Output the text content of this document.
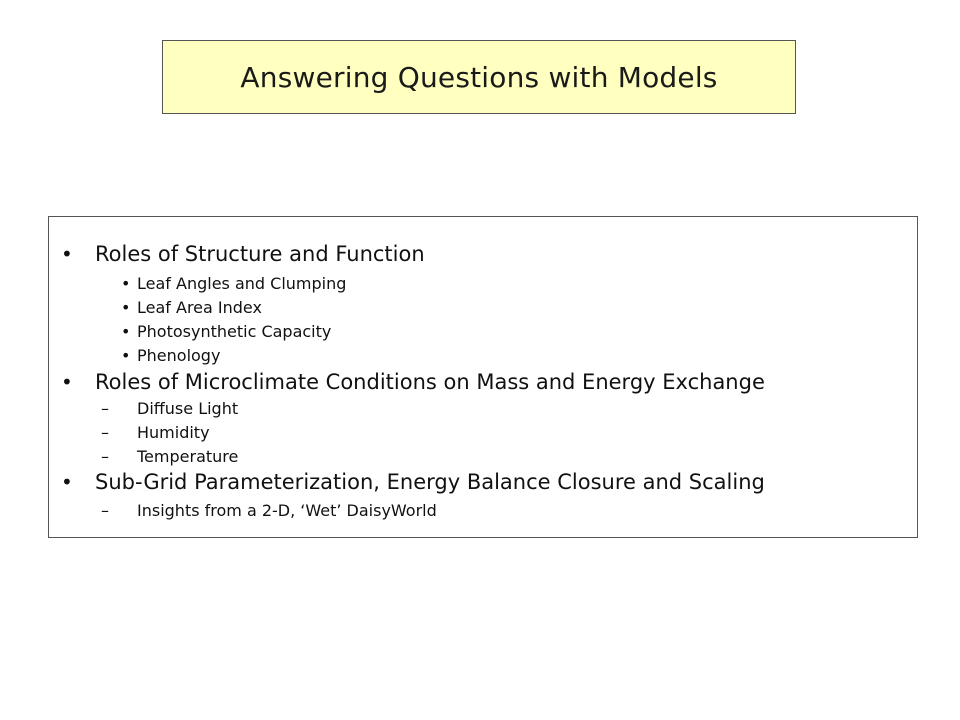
Answering Questions with Models
• Roles of Structure and Function
• Leaf Angles and Clumping
• Leaf Area Index
• Photosynthetic Capacity
• Phenology
• Roles of Microclimate Conditions on Mass and Energy Exchange
– Diffuse Light
– Humidity
– Temperature
• Sub-Grid Parameterization, Energy Balance Closure and Scaling
– Insights from a 2-D, ‘Wet’ DaisyWorld
